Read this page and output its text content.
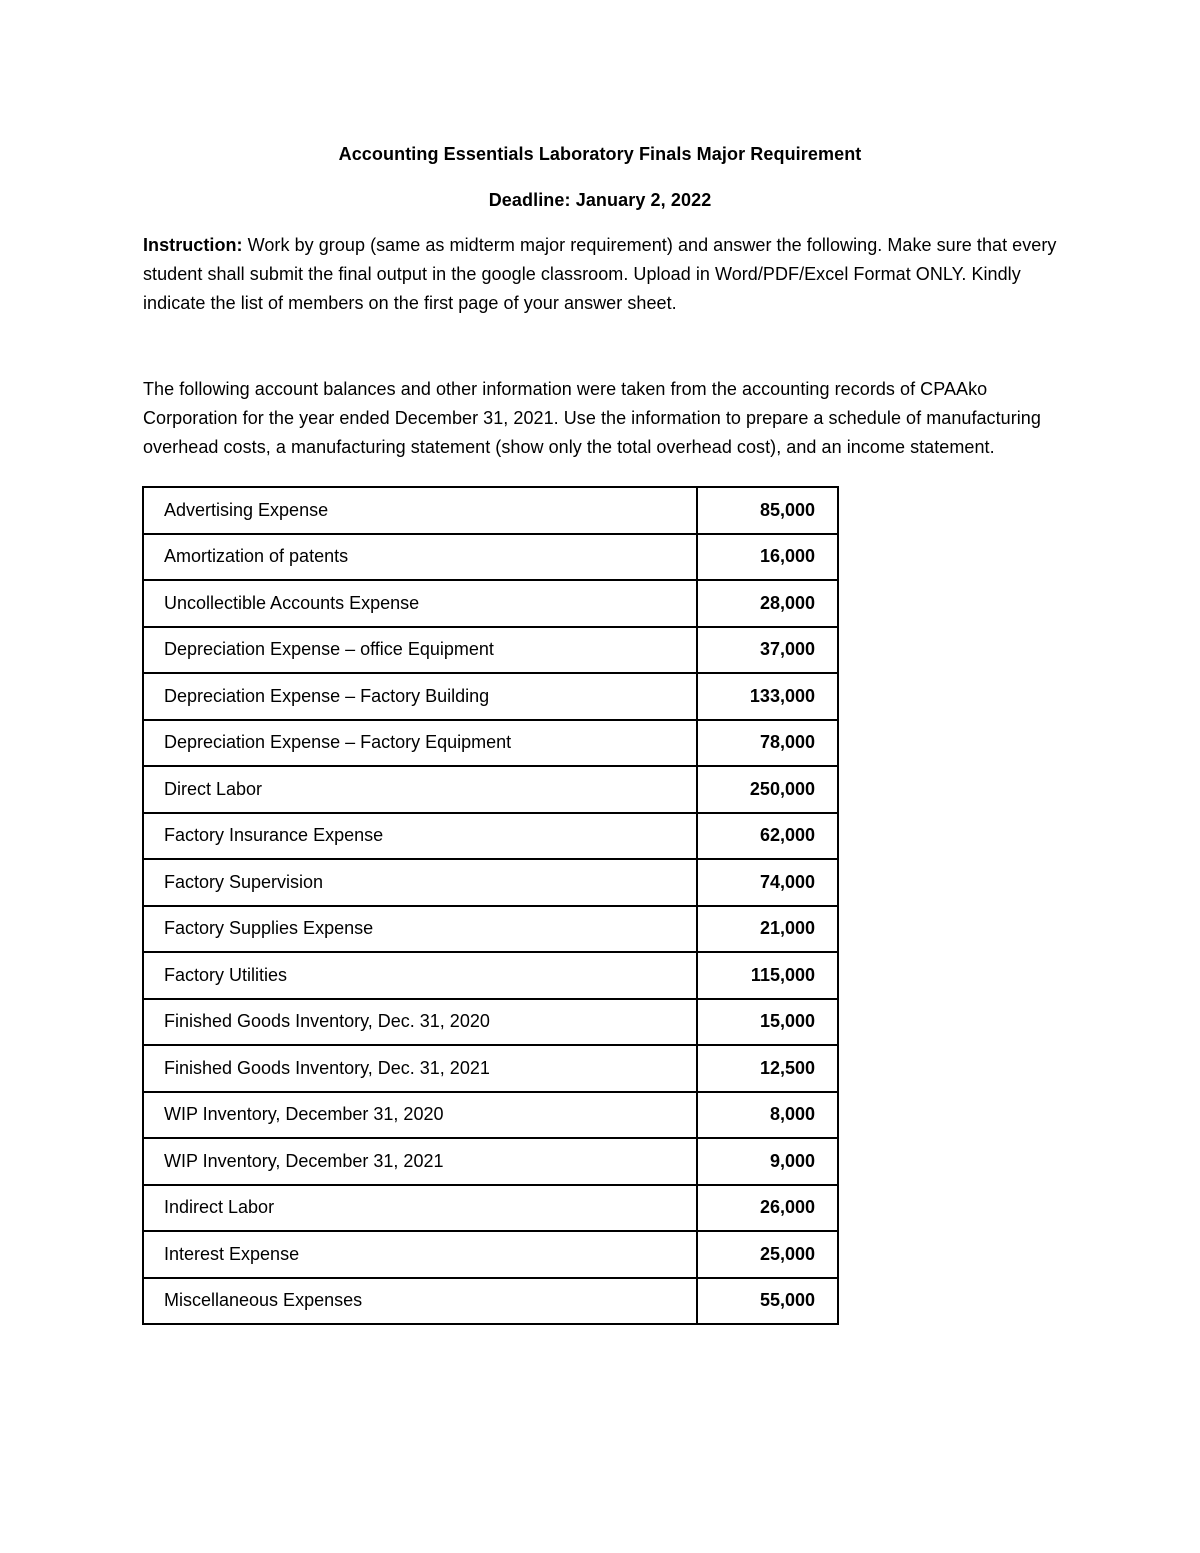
Accounting Essentials Laboratory Finals Major Requirement
Deadline: January 2, 2022
Instruction: Work by group (same as midterm major requirement) and answer the following. Make sure that every student shall submit the final output in the google classroom. Upload in Word/PDF/Excel Format ONLY. Kindly indicate the list of members on the first page of your answer sheet.
The following account balances and other information were taken from the accounting records of CPAAko Corporation for the year ended December 31, 2021. Use the information to prepare a schedule of manufacturing overhead costs, a manufacturing statement (show only the total overhead cost), and an income statement.
Advertising Expense	85,000
Amortization of patents	16,000
Uncollectible Accounts Expense	28,000
Depreciation Expense – office Equipment	37,000
Depreciation Expense – Factory Building	133,000
Depreciation Expense – Factory Equipment	78,000
Direct Labor	250,000
Factory Insurance Expense	62,000
Factory Supervision	74,000
Factory Supplies Expense	21,000
Factory Utilities	115,000
Finished Goods Inventory, Dec. 31, 2020	15,000
Finished Goods Inventory, Dec. 31, 2021	12,500
WIP Inventory, December 31, 2020	8,000
WIP Inventory, December 31, 2021	9,000
Indirect Labor	26,000
Interest Expense	25,000
Miscellaneous Expenses	55,000
